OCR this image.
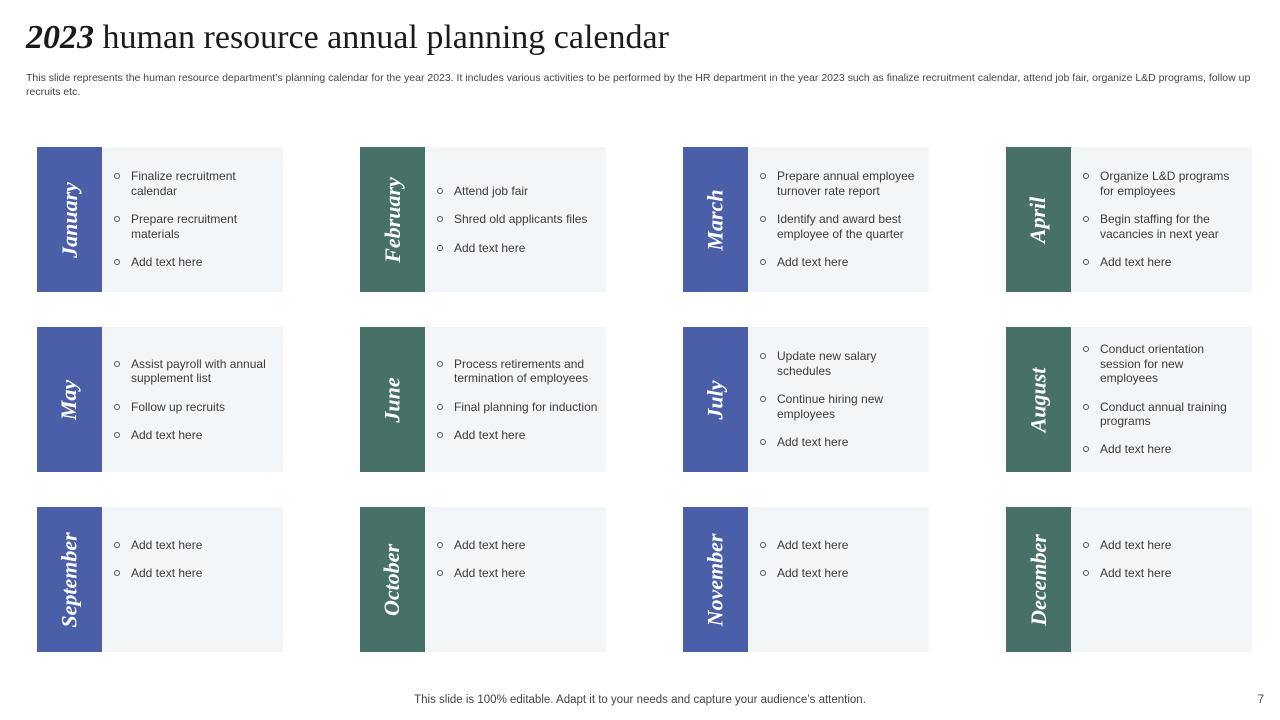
2023 human resource annual planning calendar
This slide represents the human resource department’s planning calendar for the year 2023. It includes various activities to be performed by the HR department in the year 2023 such as finalize recruitment calendar, attend job fair, organize L&D programs, follow up recruits etc.
January
Finalize recruitment calendar
Prepare recruitment materials
Add text here	February	Attend job fair
Shred old applicants files
Add text here	March
Prepare annual employee turnover rate report
Identify and award best employee of the quarter
Add text here
April
Organize L&D programs for employees
Begin staffing for the vacancies in next year
Add text here
May
Assist payroll with annual supplement list
Follow up recruits
Add text here
June
Process retirements and termination of employees
Final planning for induction
Add text here
July
Update new salary schedules
Continue hiring new employees
Add text here
August
Conduct orientation session for new employees
Conduct annual training programs
Add text here
September	Add text here
Add text here	October	Add text here
Add text here	November	Add text here
Add text here	December	Add text here
Add text here
This slide is 100% editable. Adapt it to your needs and capture your audience’s attention.	7
